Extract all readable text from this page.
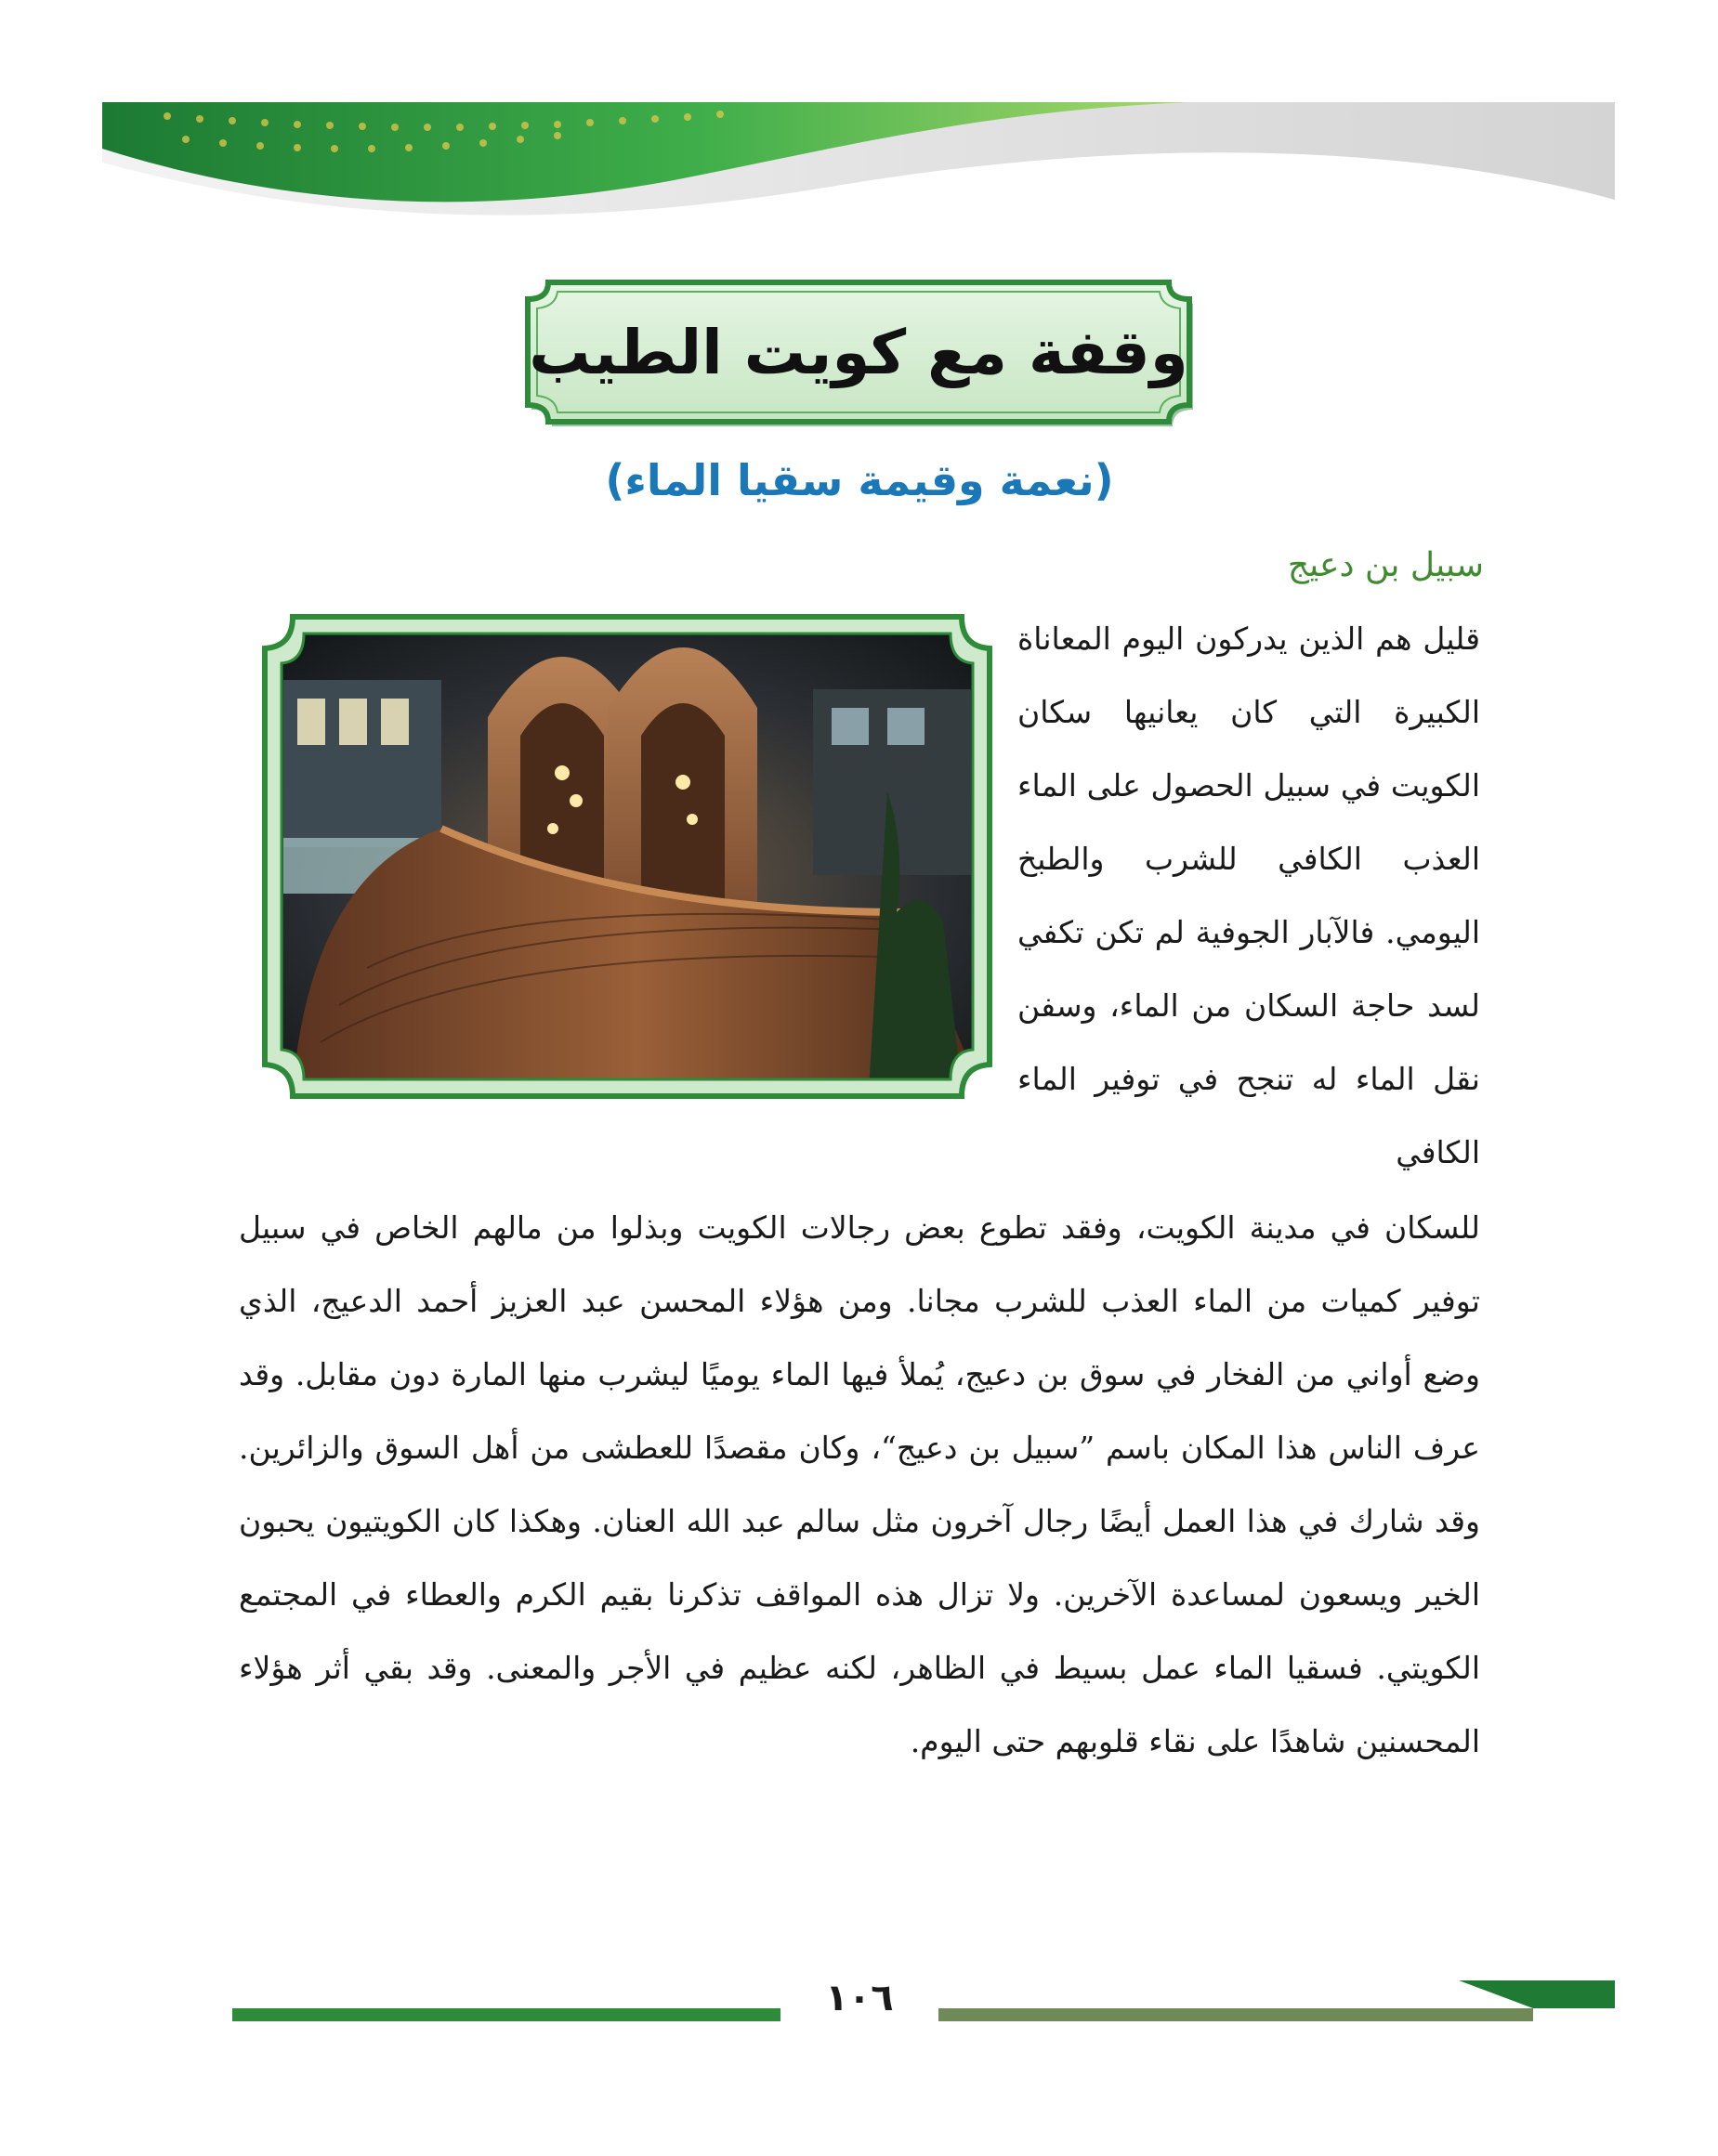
وقفة مع كويت الطيب
(نعمة وقيمة سقيا الماء)

سبيل بن دعيج

قليل هم الذين يدركون اليوم المعاناة الكبيرة التي كان يعانيها سكان الكويت في سبيل الحصول على الماء العذب الكافي للشرب والطبخ اليومي. فالآبار الجوفية لم تكن تكفي لسد حاجة السكان من الماء، وسفن نقل الماء له تنجح في توفير الماء الكافي

للسكان في مدينة الكويت، وفقد تطوع بعض رجالات الكويت وبذلوا من مالهم الخاص في سبيل توفير كميات من الماء العذب للشرب مجانا. ومن هؤلاء المحسن عبد العزيز أحمد الدعيج، الذي وضع أواني من الفخار في سوق بن دعيج، يُملأ فيها الماء يوميًا ليشرب منها المارة دون مقابل. وقد عرف الناس هذا المكان باسم ”سبيل بن دعيج“، وكان مقصدًا للعطشى من أهل السوق والزائرين. وقد شارك في هذا العمل أيضًا رجال آخرون مثل سالم عبد الله العنان. وهكذا كان الكويتيون يحبون الخير ويسعون لمساعدة الآخرين. ولا تزال هذه المواقف تذكرنا بقيم الكرم والعطاء في المجتمع الكويتي. فسقيا الماء عمل بسيط في الظاهر، لكنه عظيم في الأجر والمعنى. وقد بقي أثر هؤلاء المحسنين شاهدًا على نقاء قلوبهم حتى اليوم.

١٠٦
